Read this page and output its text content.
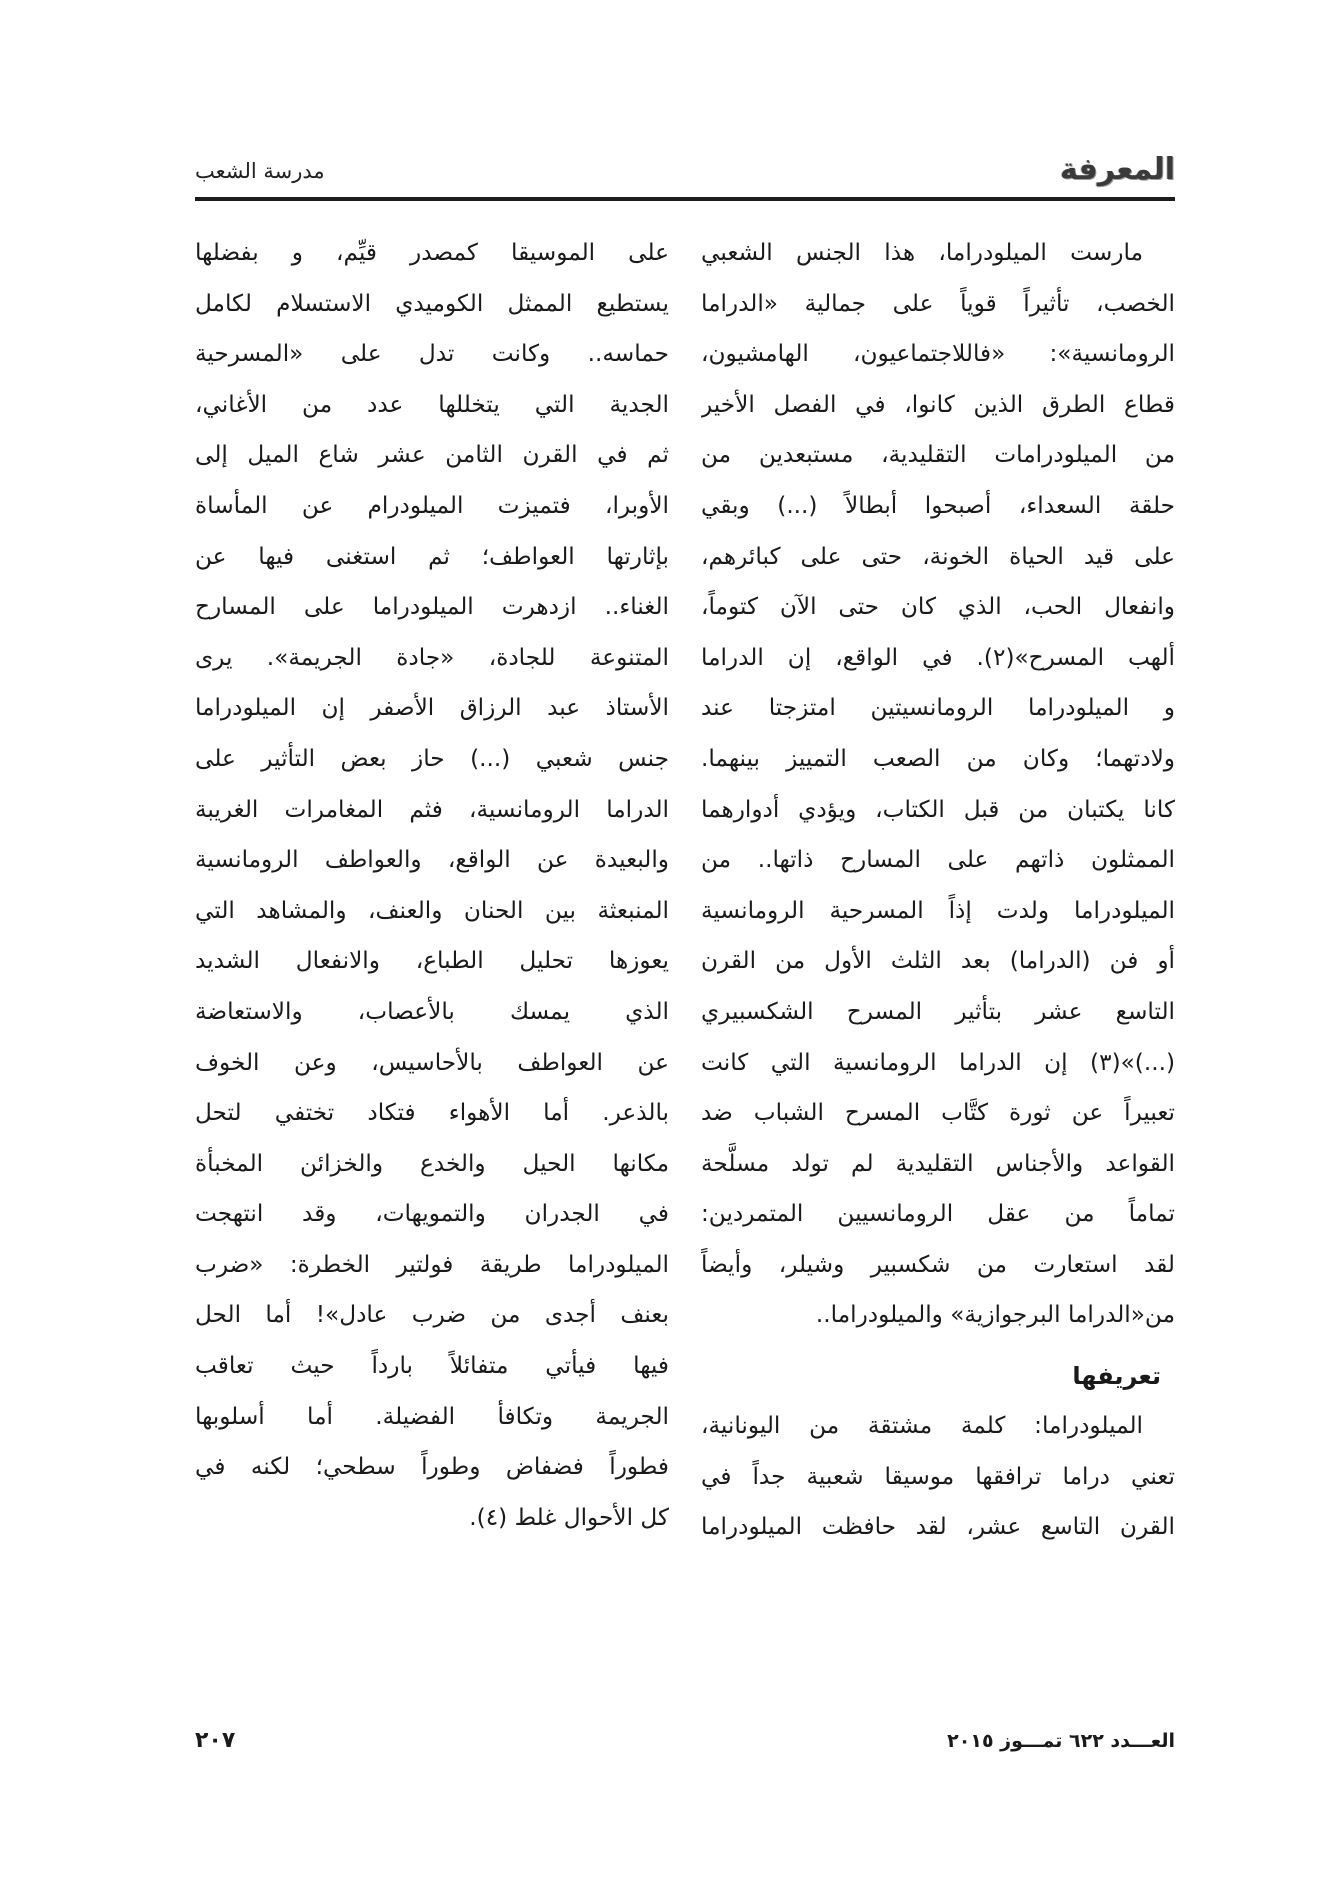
المعرفة
مدرسة الشعب
مارست الميلودراما، هذا الجنس الشعبي
الخصب، تأثيراً قوياً على جمالية «الدراما
الرومانسية»: «فاللاجتماعيون، الهامشيون،
قطاع الطرق الذين كانوا، في الفصل الأخير
من الميلودرامات التقليدية، مستبعدين من
حلقة السعداء، أصبحوا أبطالاً (...) وبقي
على قيد الحياة الخونة، حتى على كبائرهم،
وانفعال الحب، الذي كان حتى الآن كتوماً،
ألهب المسرح»(٢). في الواقع، إن الدراما
و الميلودراما الرومانسيتين امتزجتا عند
ولادتهما؛ وكان من الصعب التمييز بينهما.
كانا يكتبان من قبل الكتاب، ويؤدي أدوارهما
الممثلون ذاتهم على المسارح ذاتها.. من
الميلودراما ولدت إذاً المسرحية الرومانسية
أو فن (الدراما) بعد الثلث الأول من القرن
التاسع عشر بتأثير المسرح الشكسبيري
(...)»(٣) إن الدراما الرومانسية التي كانت
تعبيراً عن ثورة كتَّاب المسرح الشباب ضد
القواعد والأجناس التقليدية لم تولد مسلَّحة
تماماً من عقل الرومانسيين المتمردين:
لقد استعارت من شكسبير وشيلر، وأيضاً
من«الدراما البرجوازية» والميلودراما..
تعريفها
الميلودراما: كلمة مشتقة من اليونانية،
تعني دراما ترافقها موسيقا شعبية جداً في
القرن التاسع عشر، لقد حافظت الميلودراما
على الموسيقا كمصدر قيِّم، و بفضلها
يستطيع الممثل الكوميدي الاستسلام لكامل
حماسه.. وكانت تدل على «المسرحية
الجدية التي يتخللها عدد من الأغاني،
ثم في القرن الثامن عشر شاع الميل إلى
الأوبرا، فتميزت الميلودرام عن المأساة
بإثارتها العواطف؛ ثم استغنى فيها عن
الغناء.. ازدهرت الميلودراما على المسارح
المتنوعة للجادة، «جادة الجريمة». يرى
الأستاذ عبد الرزاق الأصفر إن الميلودراما
جنس شعبي (...) حاز بعض التأثير على
الدراما الرومانسية، فثم المغامرات الغريبة
والبعيدة عن الواقع، والعواطف الرومانسية
المنبعثة بين الحنان والعنف، والمشاهد التي
يعوزها تحليل الطباع، والانفعال الشديد
الذي يمسك بالأعصاب، والاستعاضة
عن العواطف بالأحاسيس، وعن الخوف
بالذعر. أما الأهواء فتكاد تختفي لتحل
مكانها الحيل والخدع والخزائن المخبأة
في الجدران والتمويهات، وقد انتهجت
الميلودراما طريقة فولتير الخطرة: «ضرب
بعنف أجدى من ضرب عادل»! أما الحل
فيها فيأتي متفائلاً بارداً حيث تعاقب
الجريمة وتكافأ الفضيلة. أما أسلوبها
فطوراً فضفاض وطوراً سطحي؛ لكنه في
كل الأحوال غلط (٤).
العـــدد ٦٢٢ تمـــوز ٢٠١٥
٢٠٧
